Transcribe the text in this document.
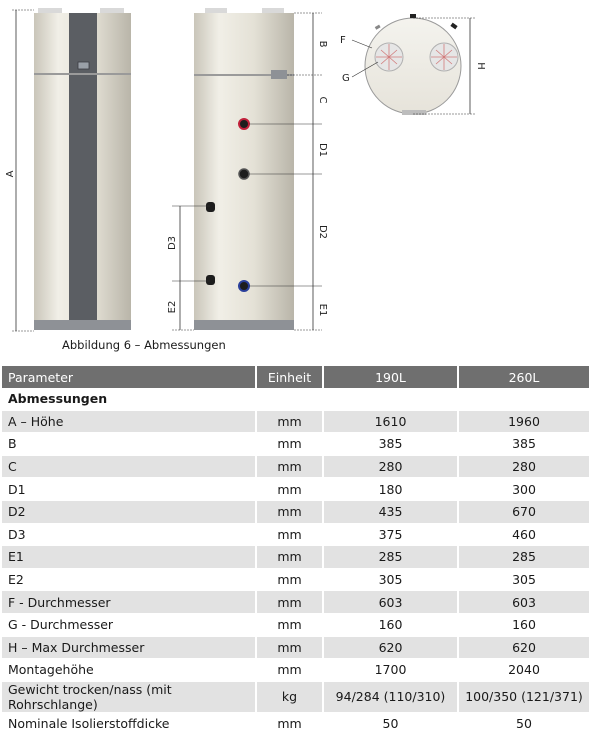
A
B
C
D1
D2
E1
D3
E2
F
G
H
Abbildung 6 – Abmessungen
Parameter	Einheit	190L	260L
Abmessungen			
A – Höhe	mm	1610	1960
B	mm	385	385
C	mm	280	280
D1	mm	180	300
D2	mm	435	670
D3	mm	375	460
E1	mm	285	285
E2	mm	305	305
F - Durchmesser	mm	603	603
G - Durchmesser	mm	160	160
H – Max Durchmesser	mm	620	620
Montagehöhe	mm	1700	2040
Gewicht trocken/nass (mit Rohrschlange)	kg	94/284 (110/310)	100/350 (121/371)
Nominale Isolierstoffdicke	mm	50	50
